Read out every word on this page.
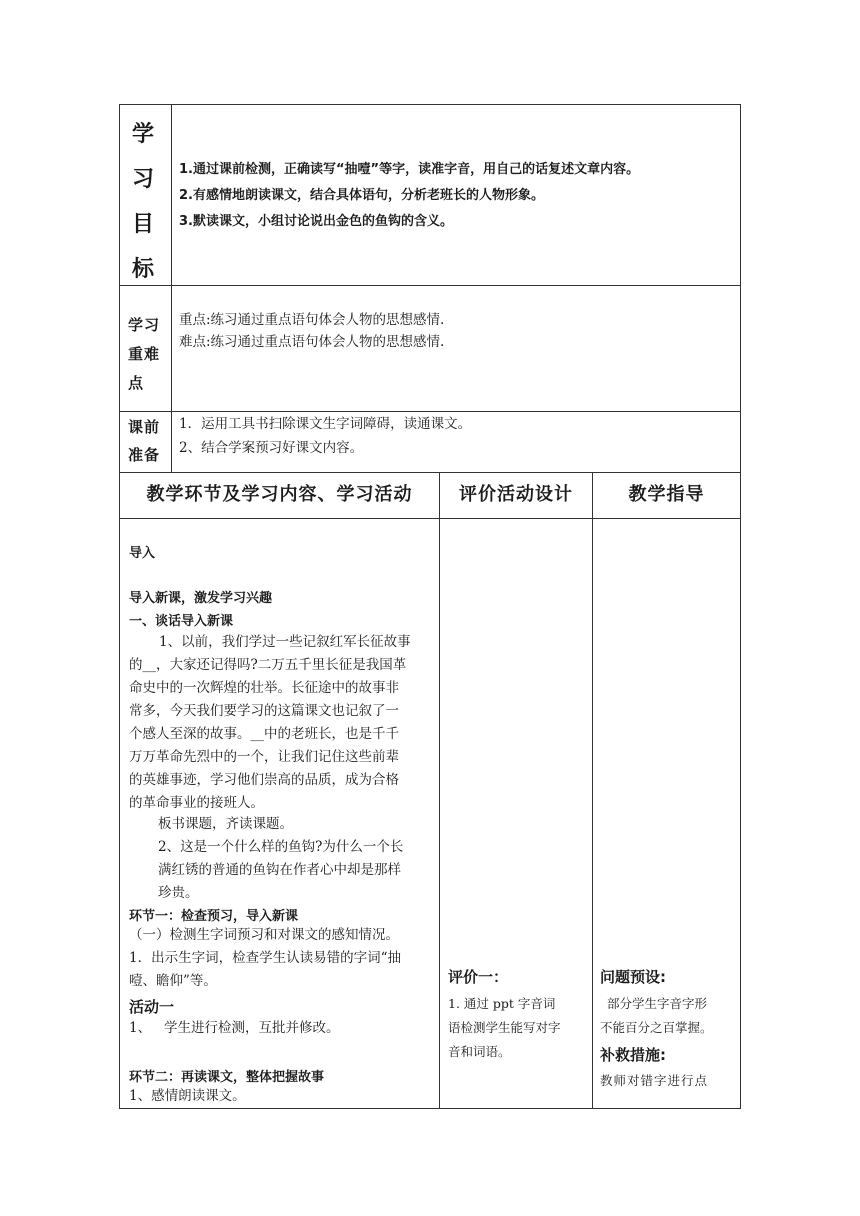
学
习
目
标
1.通过课前检测，正确读写“抽噎”等字，读准字音，用自己的话复述文章内容。
2.有感情地朗读课文，结合具体语句，分析老班长的人物形象。
3.默读课文，小组讨论说出金色的鱼钩的含义。
学习
重难
点
重点:练习通过重点语句体会人物的思想感情.
难点:练习通过重点语句体会人物的思想感情.
课前
准备
1．运用工具书扫除课文生字词障碍，读通课文。
2、结合学案预习好课文内容。
教学环节及学习内容、学习活动	评价活动设计	教学指导
导入
导入新课，激发学习兴趣
一、谈话导入新课
1、以前，我们学过一些记叙红军长征故事
的__，大家还记得吗?二万五千里长征是我国革
命史中的一次辉煌的壮举。长征途中的故事非
常多，今天我们要学习的这篇课文也记叙了一
个感人至深的故事。__中的老班长，也是千千
万万革命先烈中的一个，让我们记住这些前辈
的英雄事迹，学习他们崇高的品质，成为合格
的革命事业的接班人。
板书课题，齐读课题。
2、这是一个什么样的鱼钩?为什么一个长
满红锈的普通的鱼钩在作者心中却是那样
珍贵。
环节一：检查预习，导入新课
（一）检测生字词预习和对课文的感知情况。
1．出示生字词，检查学生认读易错的字词“抽
噎、瞻仰”等。
活动一
1、   学生进行检测，互批并修改。
环节二：再读课文，整体把握故事
1、感情朗读课文。
评价一：
1. 通过 ppt 字音词
语检测学生能写对字
音和词语。
问题预设:
部分学生字音字形
不能百分之百掌握。
补救措施:
教师对错字进行点
